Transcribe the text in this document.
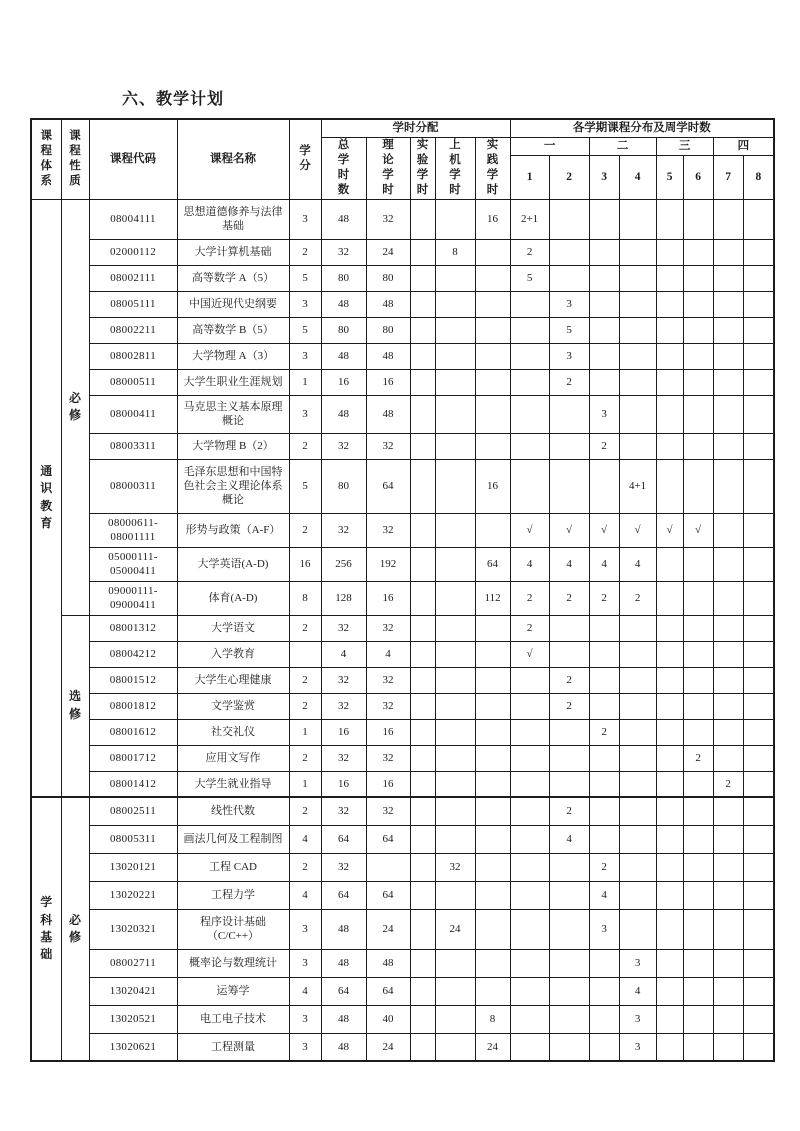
六、教学计划
课程体系	课程性质	课程代码	课程名称	学分	学时分配					各学期课程分布及周学时数							
					总学时数	理论学时	实验学时	上机学时	实践学时	一		二		三		四	
										1	2	3	4	5	6	7	8
通识教育	必修	08004111	思想道德修养与法律基础	3	48	32			16	2+1							
		02000112	大学计算机基础	2	32	24		8		2							
		08002111	高等数学 A（5）	5	80	80				5							
		08005111	中国近现代史纲要	3	48	48					3						
		08002211	高等数学 B（5）	5	80	80					5						
		08002811	大学物理 A（3）	3	48	48					3						
		08000511	大学生职业生涯规划	1	16	16					2						
		08000411	马克思主义基本原理概论	3	48	48						3					
		08003311	大学物理 B（2）	2	32	32						2					
		08000311	毛泽东思想和中国特色社会主义理论体系概论	5	80	64			16				4+1				
		08000611-08001111	形势与政策（A-F）	2	32	32				√	√	√	√	√	√		
		05000111-05000411	大学英语(A-D)	16	256	192			64	4	4	4	4				
		09000111-09000411	体育(A-D)	8	128	16			112	2	2	2	2				
	选修	08001312	大学语文	2	32	32				2							
		08004212	入学教育		4	4				√							
		08001512	大学生心理健康	2	32	32					2						
		08001812	文学鉴赏	2	32	32					2						
		08001612	社交礼仪	1	16	16						2					
		08001712	应用文写作	2	32	32									2		
		08001412	大学生就业指导	1	16	16										2	
学科基础	必修	08002511	线性代数	2	32	32					2						
		08005311	画法几何及工程制图	4	64	64					4						
		13020121	工程 CAD	2	32			32				2					
		13020221	工程力学	4	64	64						4					
		13020321	程序设计基础（C/C++）	3	48	24		24				3					
		08002711	概率论与数理统计	3	48	48							3				
		13020421	运筹学	4	64	64							4				
		13020521	电工电子技术	3	48	40			8				3				
		13020621	工程测量	3	48	24			24				3				
